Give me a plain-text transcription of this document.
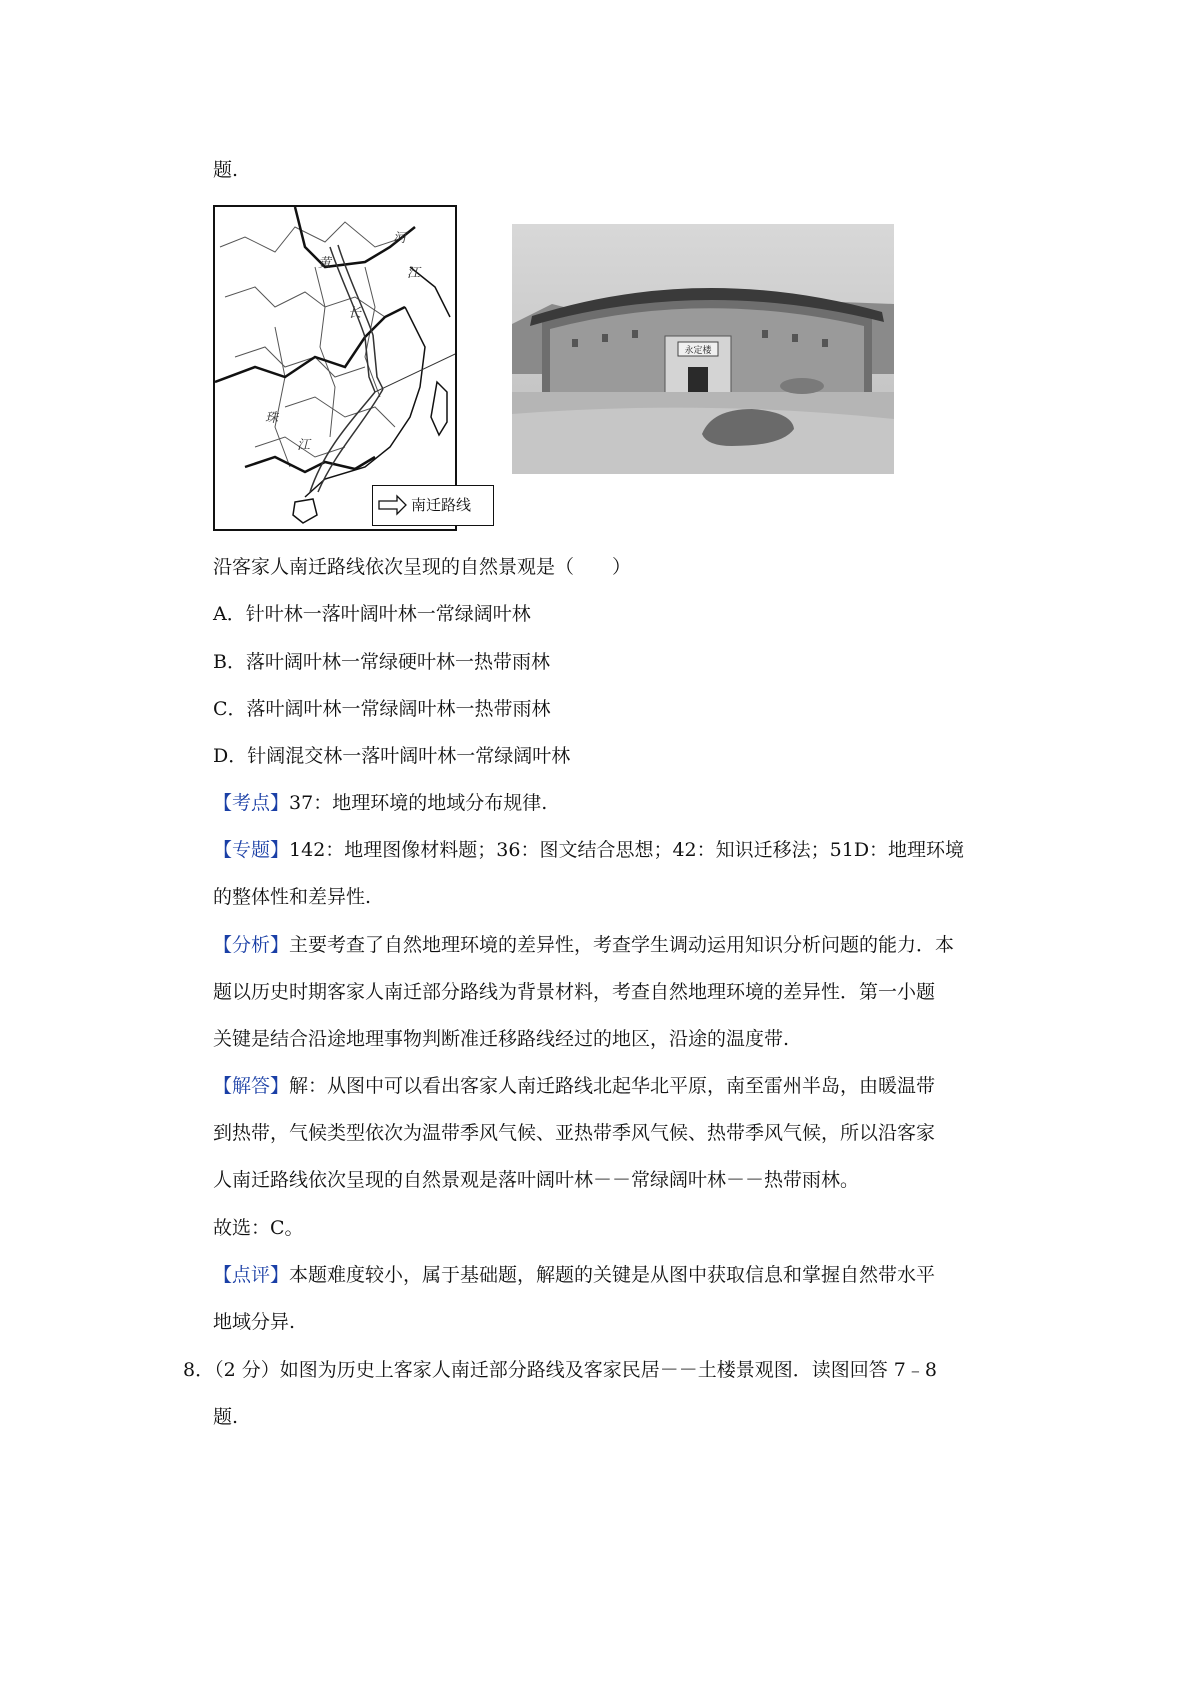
题.
河
黄
江
长
珠
江
南迁路线
永定楼
沿客家人南迁路线依次呈现的自然景观是（　　）
A．针叶林一落叶阔叶林一常绿阔叶林
B．落叶阔叶林一常绿硬叶林一热带雨林
C．落叶阔叶林一常绿阔叶林一热带雨林
D．针阔混交林一落叶阔叶林一常绿阔叶林
【考点】37：地理环境的地域分布规律.
【专题】142：地理图像材料题；36：图文结合思想；42：知识迁移法；51D：地理环境
的整体性和差异性.
【分析】主要考查了自然地理环境的差异性，考查学生调动运用知识分析问题的能力．本
题以历史时期客家人南迁部分路线为背景材料，考查自然地理环境的差异性．第一小题
关键是结合沿途地理事物判断准迁移路线经过的地区，沿途的温度带.
【解答】解：从图中可以看出客家人南迁路线北起华北平原，南至雷州半岛，由暖温带
到热带，气候类型依次为温带季风气候、亚热带季风气候、热带季风气候，所以沿客家
人南迁路线依次呈现的自然景观是落叶阔叶林－－常绿阔叶林－－热带雨林。
故选：C。
【点评】本题难度较小，属于基础题，解题的关键是从图中获取信息和掌握自然带水平
地域分异.
8．（2 分）如图为历史上客家人南迁部分路线及客家民居－－土楼景观图．读图回答 7﹣8
题.
